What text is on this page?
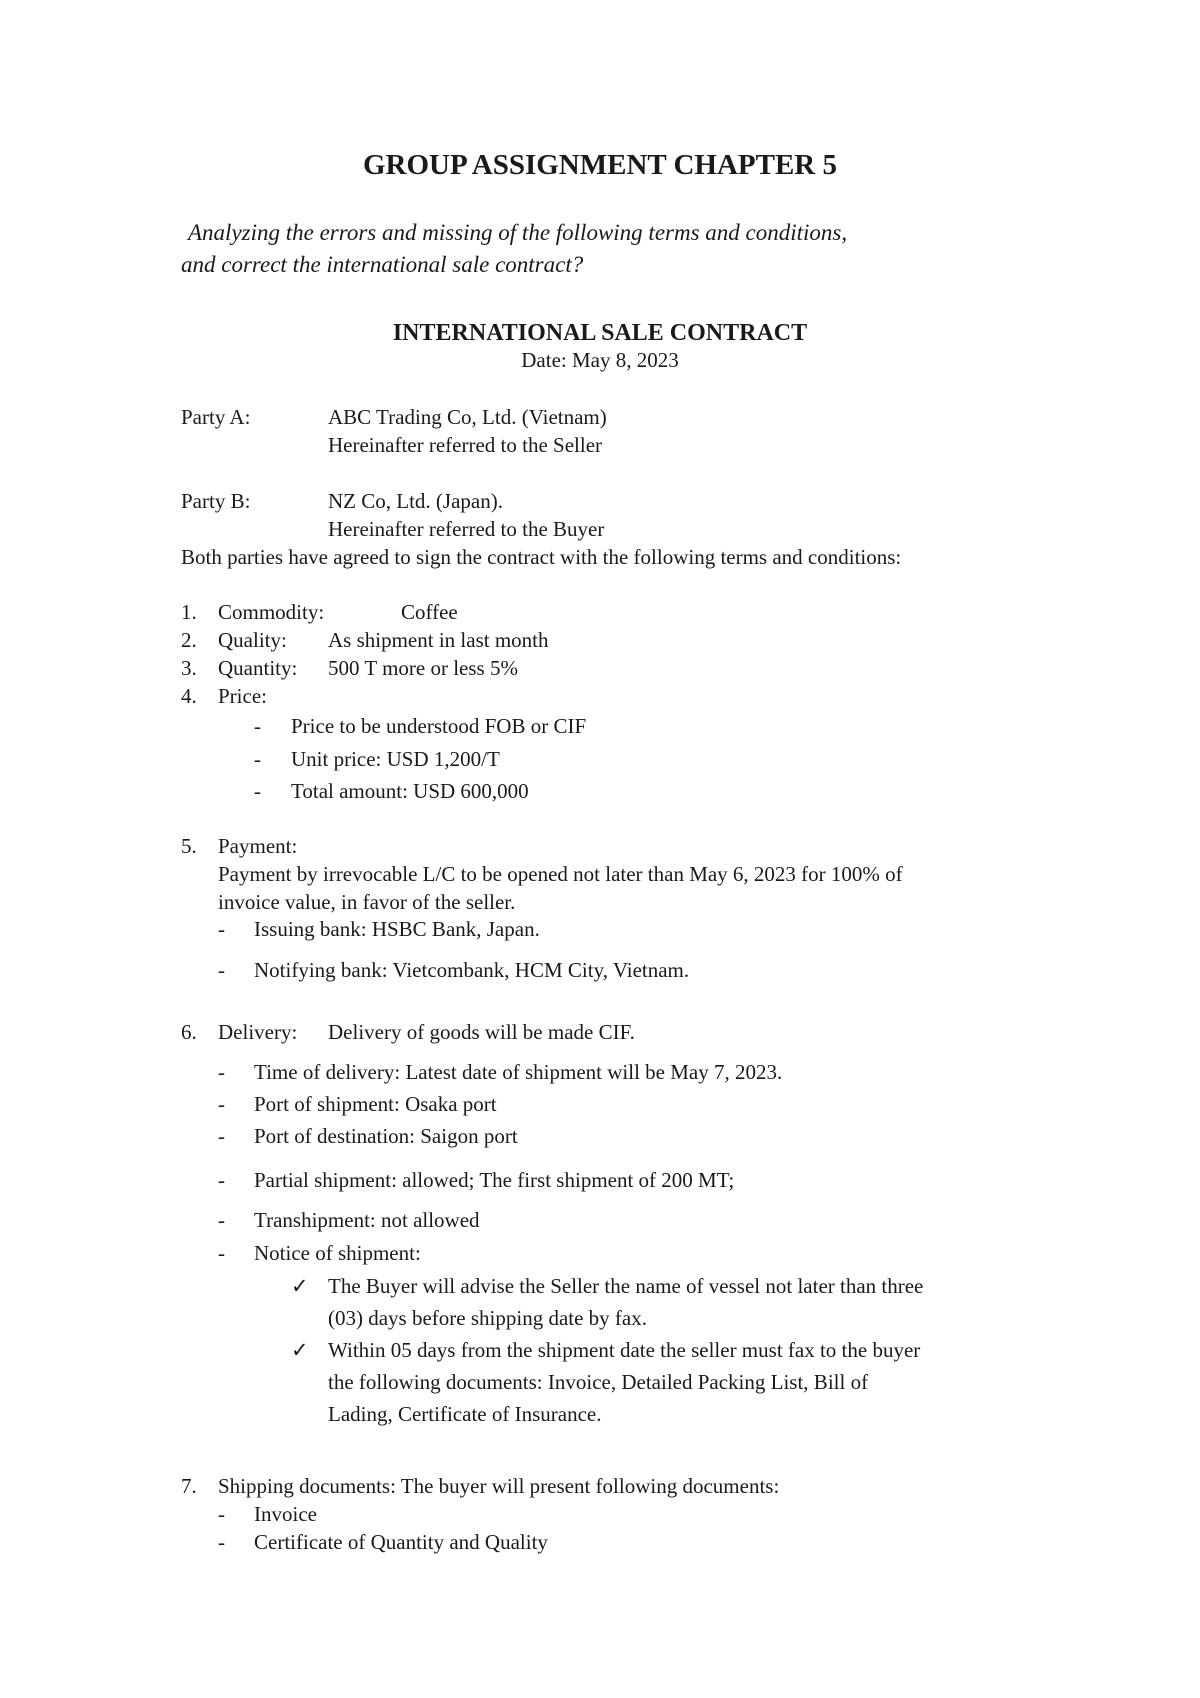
GROUP ASSIGNMENT CHAPTER 5
Analyzing the errors and missing of the following terms and conditions,
and correct the international sale contract?
INTERNATIONAL SALE CONTRACT
Date: May 8, 2023
Party A:	ABC Trading Co, Ltd. (Vietnam)
Hereinafter referred to the Seller
Party B:	NZ Co, Ltd. (Japan).
Hereinafter referred to the Buyer
Both parties have agreed to sign the contract with the following terms and conditions:
1. Commodity:	Coffee
2. Quality: As shipment in last month
3. Quantity: 500 T more or less 5%
4. Price:
- Price to be understood FOB or CIF
- Unit price: USD 1,200/T
- Total amount: USD 600,000
5. Payment:
Payment by irrevocable L/C to be opened not later than May 6, 2023 for 100% of
invoice value, in favor of the seller.
- Issuing bank: HSBC Bank, Japan.
- Notifying bank: Vietcombank, HCM City, Vietnam.
6. Delivery: Delivery of goods will be made CIF.
- Time of delivery: Latest date of shipment will be May 7, 2023.
- Port of shipment: Osaka port
- Port of destination: Saigon port
- Partial shipment: allowed; The first shipment of 200 MT;
- Transhipment: not allowed
- Notice of shipment:
✓ The Buyer will advise the Seller the name of vessel not later than three
(03) days before shipping date by fax.
✓ Within 05 days from the shipment date the seller must fax to the buyer
the following documents: Invoice, Detailed Packing List, Bill of
Lading, Certificate of Insurance.
7. Shipping documents: The buyer will present following documents:
- Invoice
- Certificate of Quantity and Quality
